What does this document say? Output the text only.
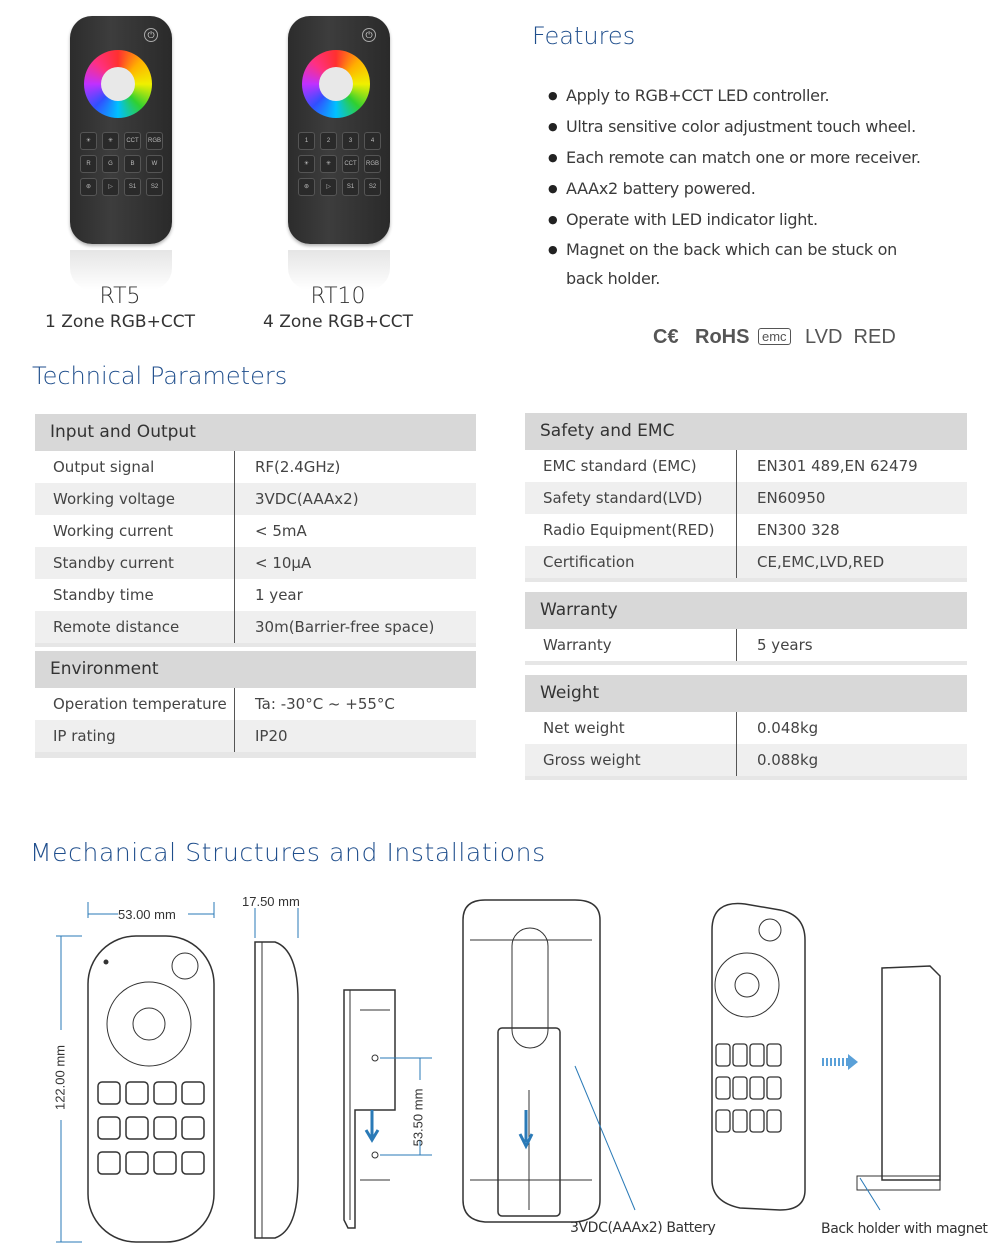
⏻
☀	✳	CCT	RGB
R	G	B	W
⊛	▷	S1	S2
RT5
1 Zone RGB+CCT
⏻
1	2	3	4
☀	✳	CCT	RGB
⊛	▷	S1	S2
RT10
4 Zone RGB+CCT
Features
● Apply to RGB+CCT LED controller.
● Ultra sensitive color adjustment touch wheel.
● Each remote can match one or more receiver.
● AAAx2 battery powered.
● Operate with LED indicator light.
● Magnet on the back which can be stuck on back holder.
C€ RoHS emc LVD  RED
Technical Parameters
Input and Output
Output signal	RF(2.4GHz)
Working voltage	3VDC(AAAx2)
Working current	< 5mA
Standby current	< 10μA
Standby time	1 year
Remote distance	30m(Barrier-free space)
Environment
Operation temperature	Ta: -30°C ~ +55°C
IP rating	IP20
Safety and EMC
EMC standard (EMC)	EN301 489,EN 62479
Safety standard(LVD)	EN60950
Radio Equipment(RED)	EN300 328
Certification	CE,EMC,LVD,RED
Warranty
Warranty	5 years
Weight
Net weight	0.048kg
Gross weight	0.088kg
Mechanical Structures and Installations
53.00 mm
17.50 mm
122.00 mm
53.50 mm
3VDC(AAAx2) Battery	Back holder with magnet
